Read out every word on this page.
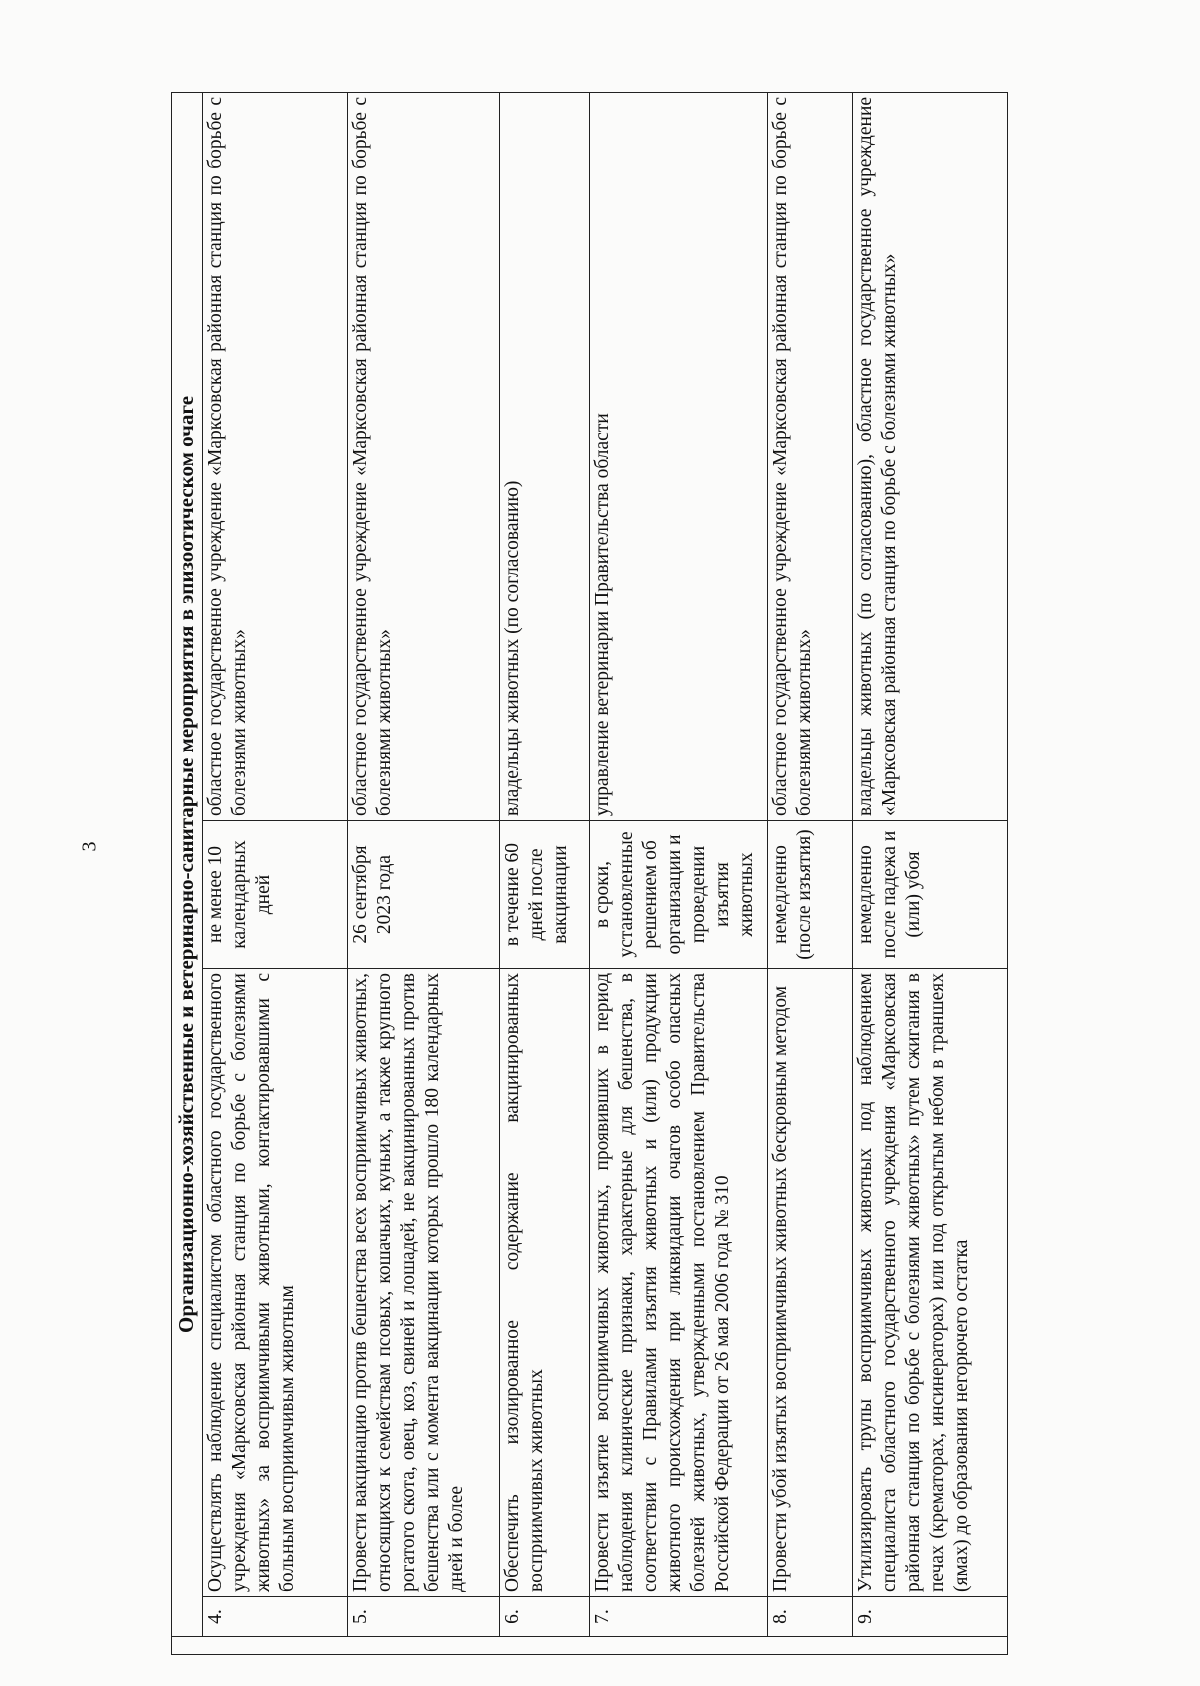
3
		Организационно-хозяйственные и ветеринарно-санитарные мероприятия в эпизоотическом очаге			
	4.	Осуществлять наблюдение специалистом областного государственного учреждения «Марксовская районная станция по борьбе с болезнями животных» за восприимчивыми животными, контактировавшими с больным восприимчивым животным	не менее 10 календарных дней	областное государственное учреждение «Марксовская районная станция по борьбе с болезнями животных»
	5.	Провести вакцинацию против бешенства всех восприимчивых животных, относящихся к семействам псовых, кошачьих, куньих, а также крупного рогатого скота, овец, коз, свиней и лошадей, не вакцинированных против бешенства или с момента вакцинации которых прошло 180 календарных дней и более	26 сентября 2023 года	областное государственное учреждение «Марксовская районная станция по борьбе с болезнями животных»
	6.	Обеспечить изолированное содержание вакцинированных восприимчивых животных	в течение 60 дней после вакцинации	владельцы животных (по согласованию)
	7.	Провести изъятие восприимчивых животных, проявивших в период наблюдения клинические признаки, характерные для бешенства, в соответствии с Правилами изъятия животных и (или) продукции животного происхождения при ликвидации очагов особо опасных болезней животных, утвержденными постановлением Правительства Российской Федерации от 26 мая 2006 года № 310	в сроки, установленные решением об организации и проведении изъятия животных	управление ветеринарии Правительства области
	8.	Провести убой изъятых восприимчивых животных бескровным методом	немедленно (после изъятия)	областное государственное учреждение «Марксовская районная станция по борьбе с болезнями животных»
	9.	Утилизировать трупы восприимчивых животных под наблюдением специалиста областного государственного учреждения «Марксовская районная станция по борьбе с болезнями животных» путем сжигания в печах (крематорах, инсинераторах) или под открытым небом в траншеях (ямах) до образования негорючего остатка	немедленно после падежа и (или) убоя	владельцы животных (по согласованию), областное государственное учреждение «Марксовская районная станция по борьбе с болезнями животных»
